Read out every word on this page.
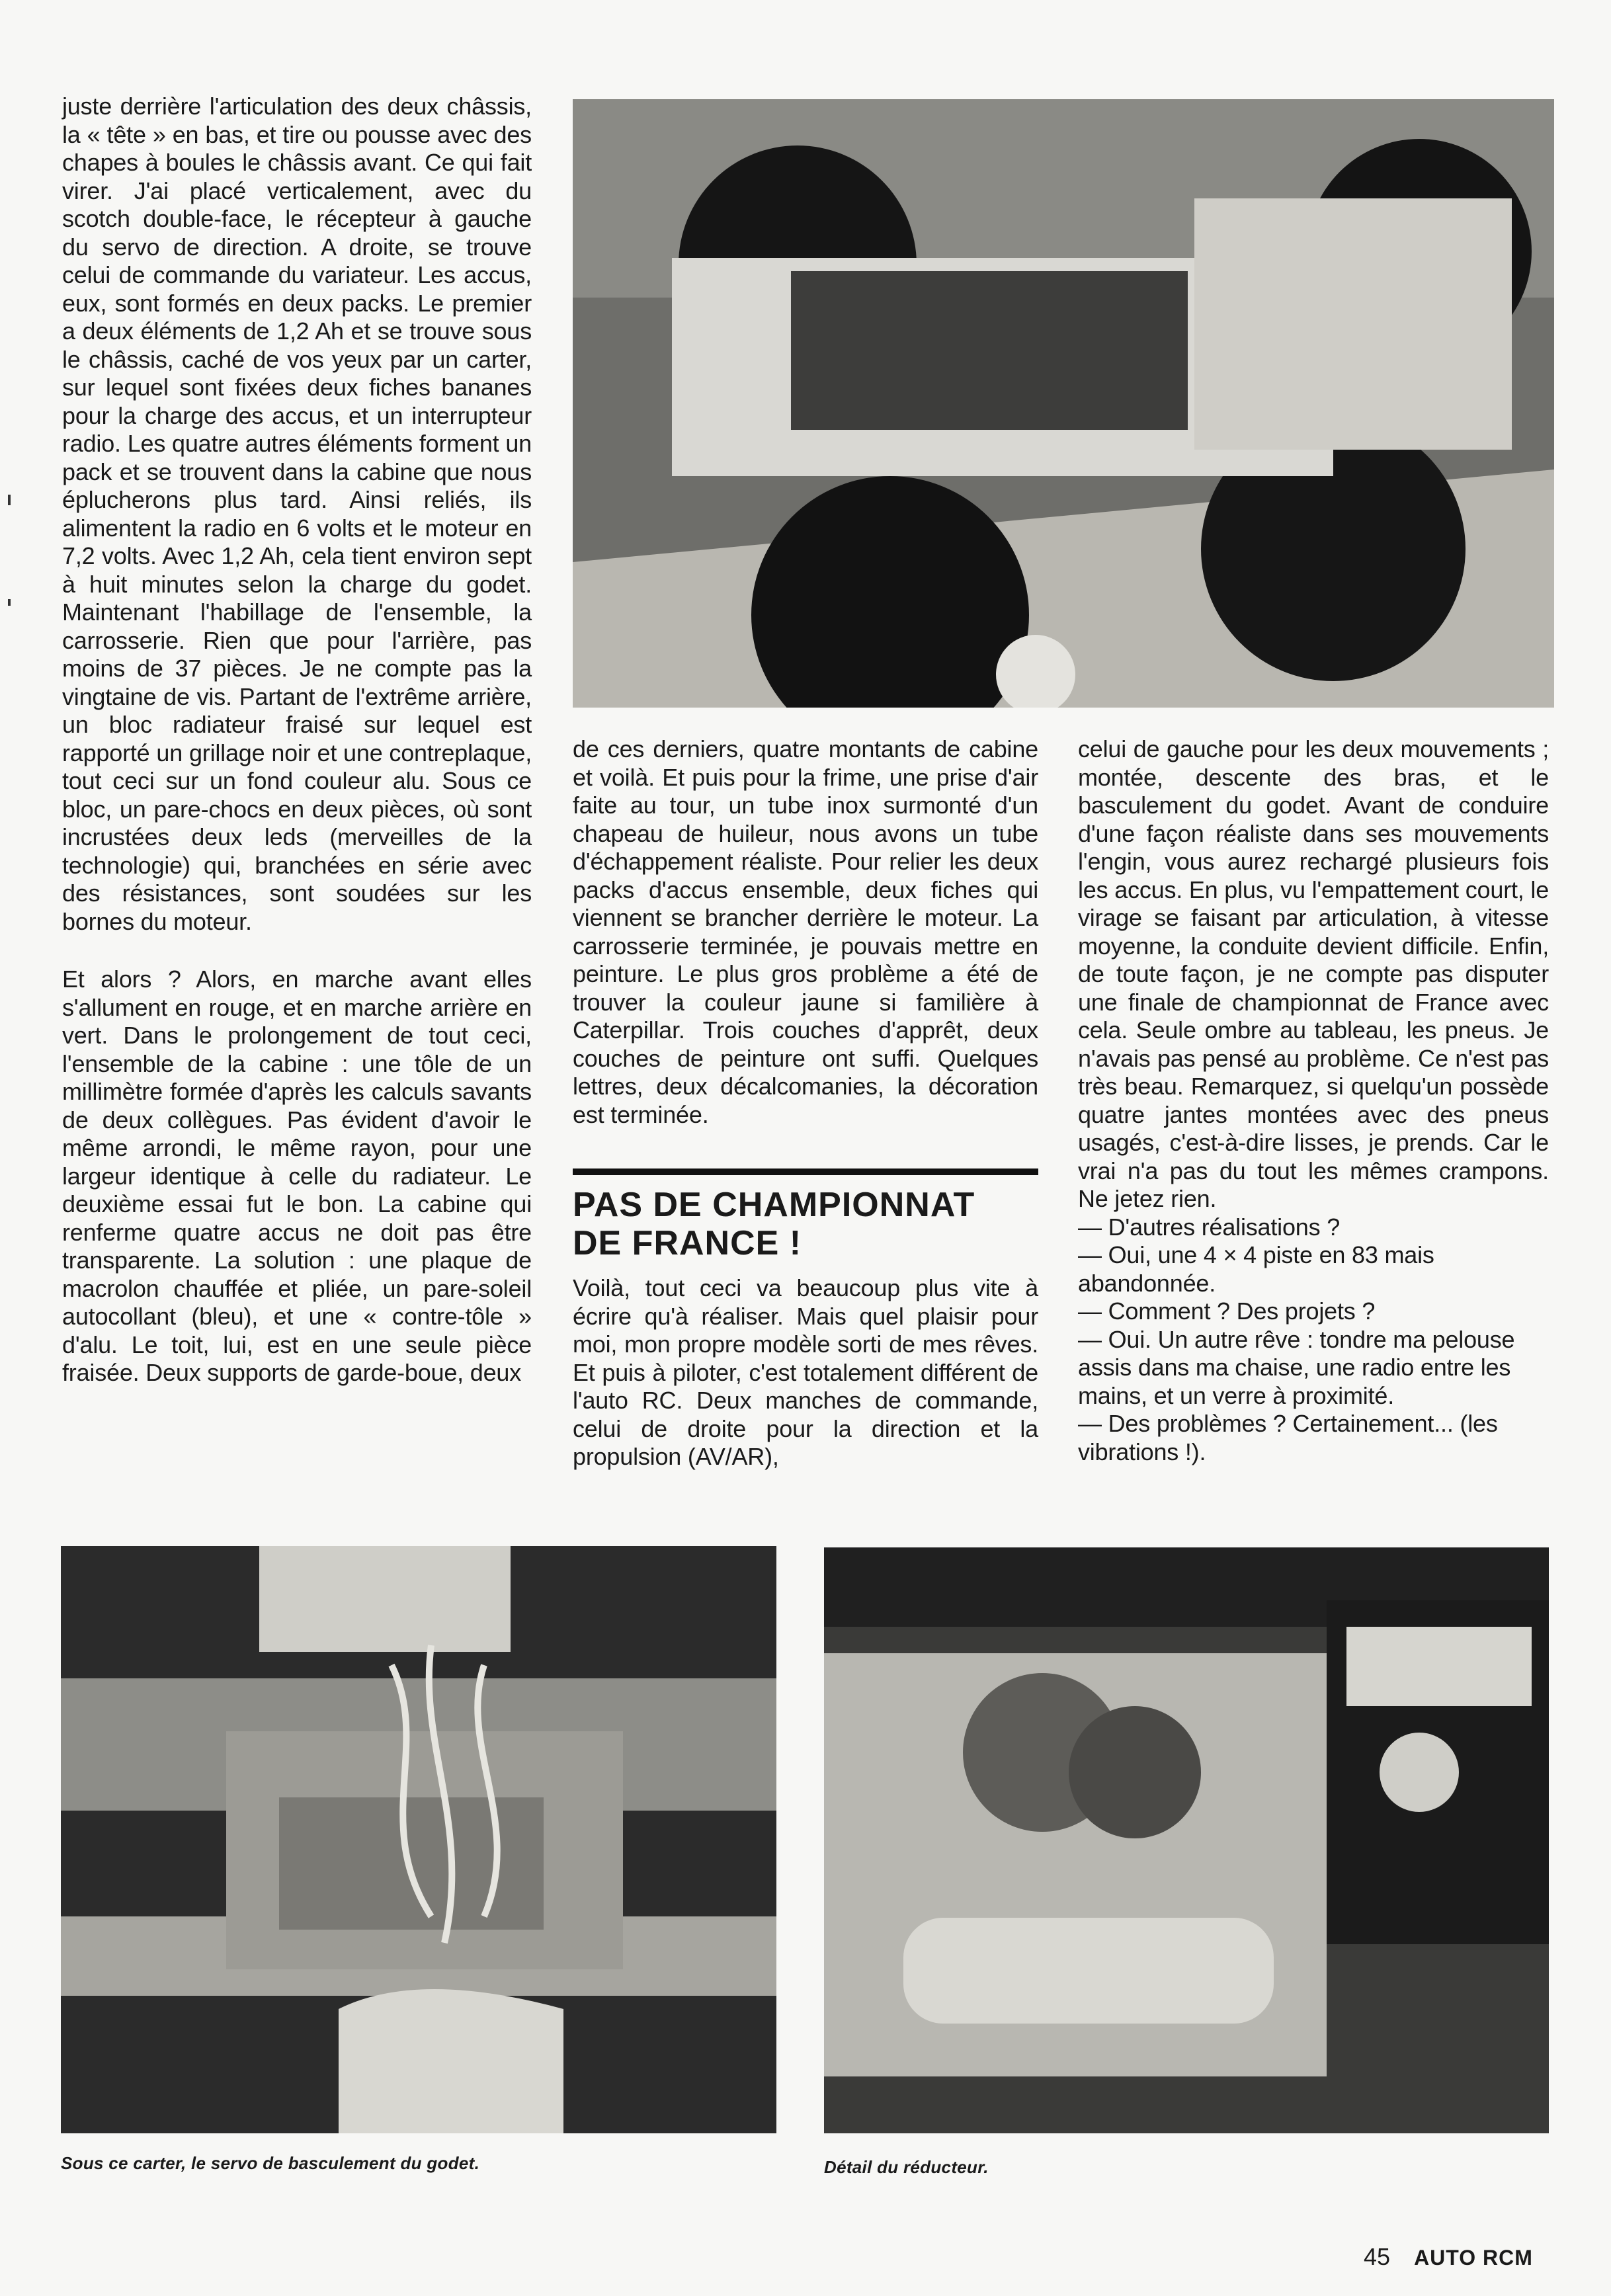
juste derrière l'articulation des deux châssis, la « tête » en bas, et tire ou pousse avec des chapes à boules le châssis avant. Ce qui fait virer. J'ai placé verticalement, avec du scotch double-face, le récepteur à gauche du servo de direction. A droite, se trouve celui de commande du variateur. Les accus, eux, sont formés en deux packs. Le premier a deux éléments de 1,2 Ah et se trouve sous le châssis, caché de vos yeux par un carter, sur lequel sont fixées deux fiches bananes pour la charge des accus, et un interrupteur radio. Les quatre autres éléments forment un pack et se trouvent dans la cabine que nous éplucherons plus tard. Ainsi reliés, ils alimentent la radio en 6 volts et le moteur en 7,2 volts. Avec 1,2 Ah, cela tient environ sept à huit minutes selon la charge du godet. Maintenant l'habillage de l'ensemble, la carrosserie. Rien que pour l'arrière, pas moins de 37 pièces. Je ne compte pas la vingtaine de vis. Partant de l'extrême arrière, un bloc radiateur fraisé sur lequel est rapporté un grillage noir et une contreplaque, tout ceci sur un fond couleur alu. Sous ce bloc, un pare-chocs en deux pièces, où sont incrustées deux leds (merveilles de la technologie) qui, branchées en série avec des résistances, sont soudées sur les bornes du moteur.

Et alors ? Alors, en marche avant elles s'allument en rouge, et en marche arrière en vert. Dans le prolongement de tout ceci, l'ensemble de la cabine : une tôle de un millimètre formée d'après les calculs savants de deux collègues. Pas évident d'avoir le même arrondi, le même rayon, pour une largeur identique à celle du radiateur. Le deuxième essai fut le bon. La cabine qui renferme quatre accus ne doit pas être transparente. La solution : une plaque de macrolon chauffée et pliée, un pare-soleil autocollant (bleu), et une « contre-tôle » d'alu. Le toit, lui, est en une seule pièce fraisée. Deux supports de garde-boue, deux

de ces derniers, quatre montants de cabine et voilà. Et puis pour la frime, une prise d'air faite au tour, un tube inox surmonté d'un chapeau de huileur, nous avons un tube d'échappement réaliste. Pour relier les deux packs d'accus ensemble, deux fiches qui viennent se brancher derrière le moteur. La carrosserie terminée, je pouvais mettre en peinture. Le plus gros problème a été de trouver la couleur jaune si familière à Caterpillar. Trois couches d'apprêt, deux couches de peinture ont suffi. Quelques lettres, deux décalcomanies, la décoration est terminée.

PAS DE CHAMPIONNAT
DE FRANCE !

Voilà, tout ceci va beaucoup plus vite à écrire qu'à réaliser. Mais quel plaisir pour moi, mon propre modèle sorti de mes rêves. Et puis à piloter, c'est totalement différent de l'auto RC. Deux manches de commande, celui de droite pour la direction et la propulsion (AV/AR),

celui de gauche pour les deux mouvements ; montée, descente des bras, et le basculement du godet. Avant de conduire d'une façon réaliste dans ses mouvements l'engin, vous aurez rechargé plusieurs fois les accus. En plus, vu l'empattement court, le virage se faisant par articulation, à vitesse moyenne, la conduite devient difficile. Enfin, de toute façon, je ne compte pas disputer une finale de championnat de France avec cela. Seule ombre au tableau, les pneus. Je n'avais pas pensé au problème. Ce n'est pas très beau. Remarquez, si quelqu'un possède quatre jantes montées avec des pneus usagés, c'est-à-dire lisses, je prends. Car le vrai n'a pas du tout les mêmes crampons. Ne jetez rien.

— D'autres réalisations ?

— Oui, une 4 × 4 piste en 83 mais abandonnée.

— Comment ? Des projets ?

— Oui. Un autre rêve : tondre ma pelouse assis dans ma chaise, une radio entre les mains, et un verre à proximité.

— Des problèmes ? Certainement... (les vibrations !).

Sous ce carter, le servo de basculement du godet.	Détail du réducteur.
45 AUTO RCM
